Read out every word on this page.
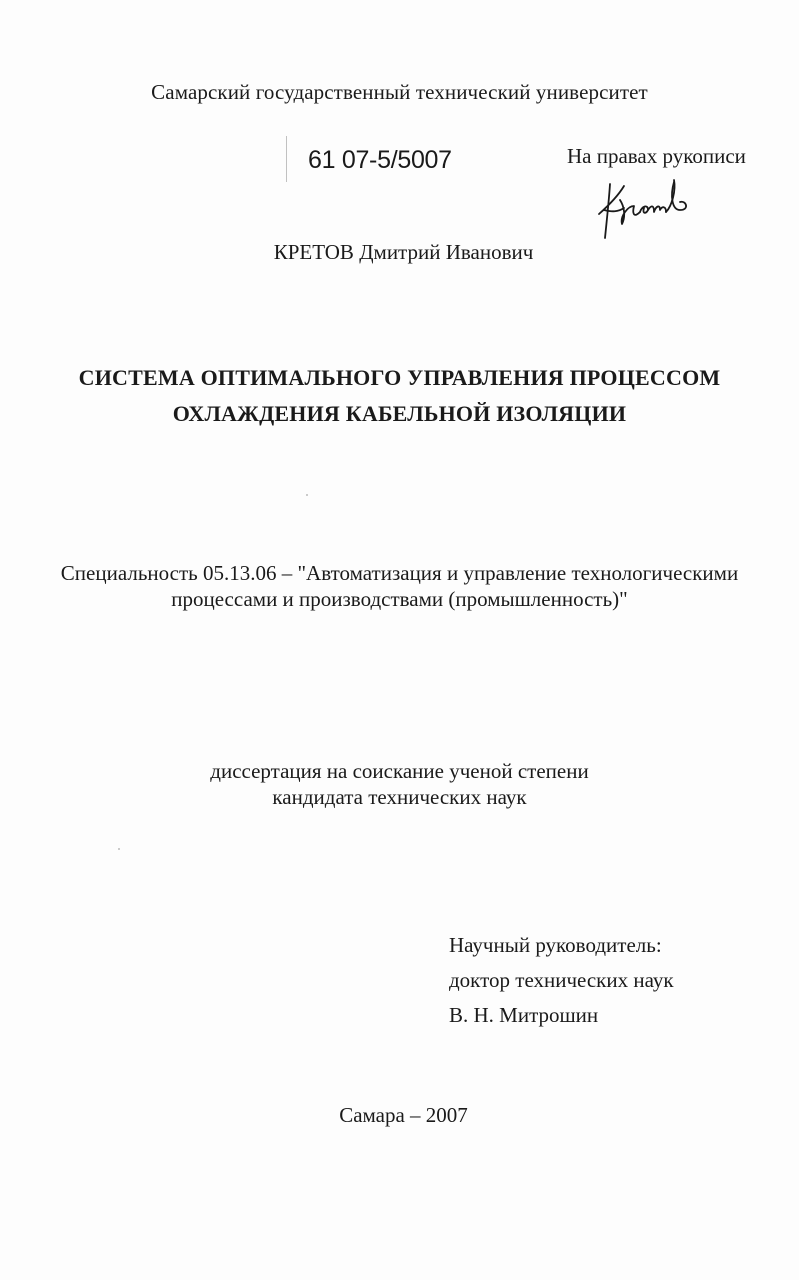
Самарский государственный технический университет
61 07-5/5007	На правах рукописи
КРЕТОВ Дмитрий Иванович
СИСТЕМА ОПТИМАЛЬНОГО УПРАВЛЕНИЯ ПРОЦЕССОМ
ОХЛАЖДЕНИЯ КАБЕЛЬНОЙ ИЗОЛЯЦИИ
Специальность 05.13.06 – "Автоматизация и управление технологическими
процессами и производствами (промышленность)"
диссертация на соискание ученой степени
кандидата технических наук
Научный руководитель:
доктор технических наук
В. Н. Митрошин
Самара – 2007
